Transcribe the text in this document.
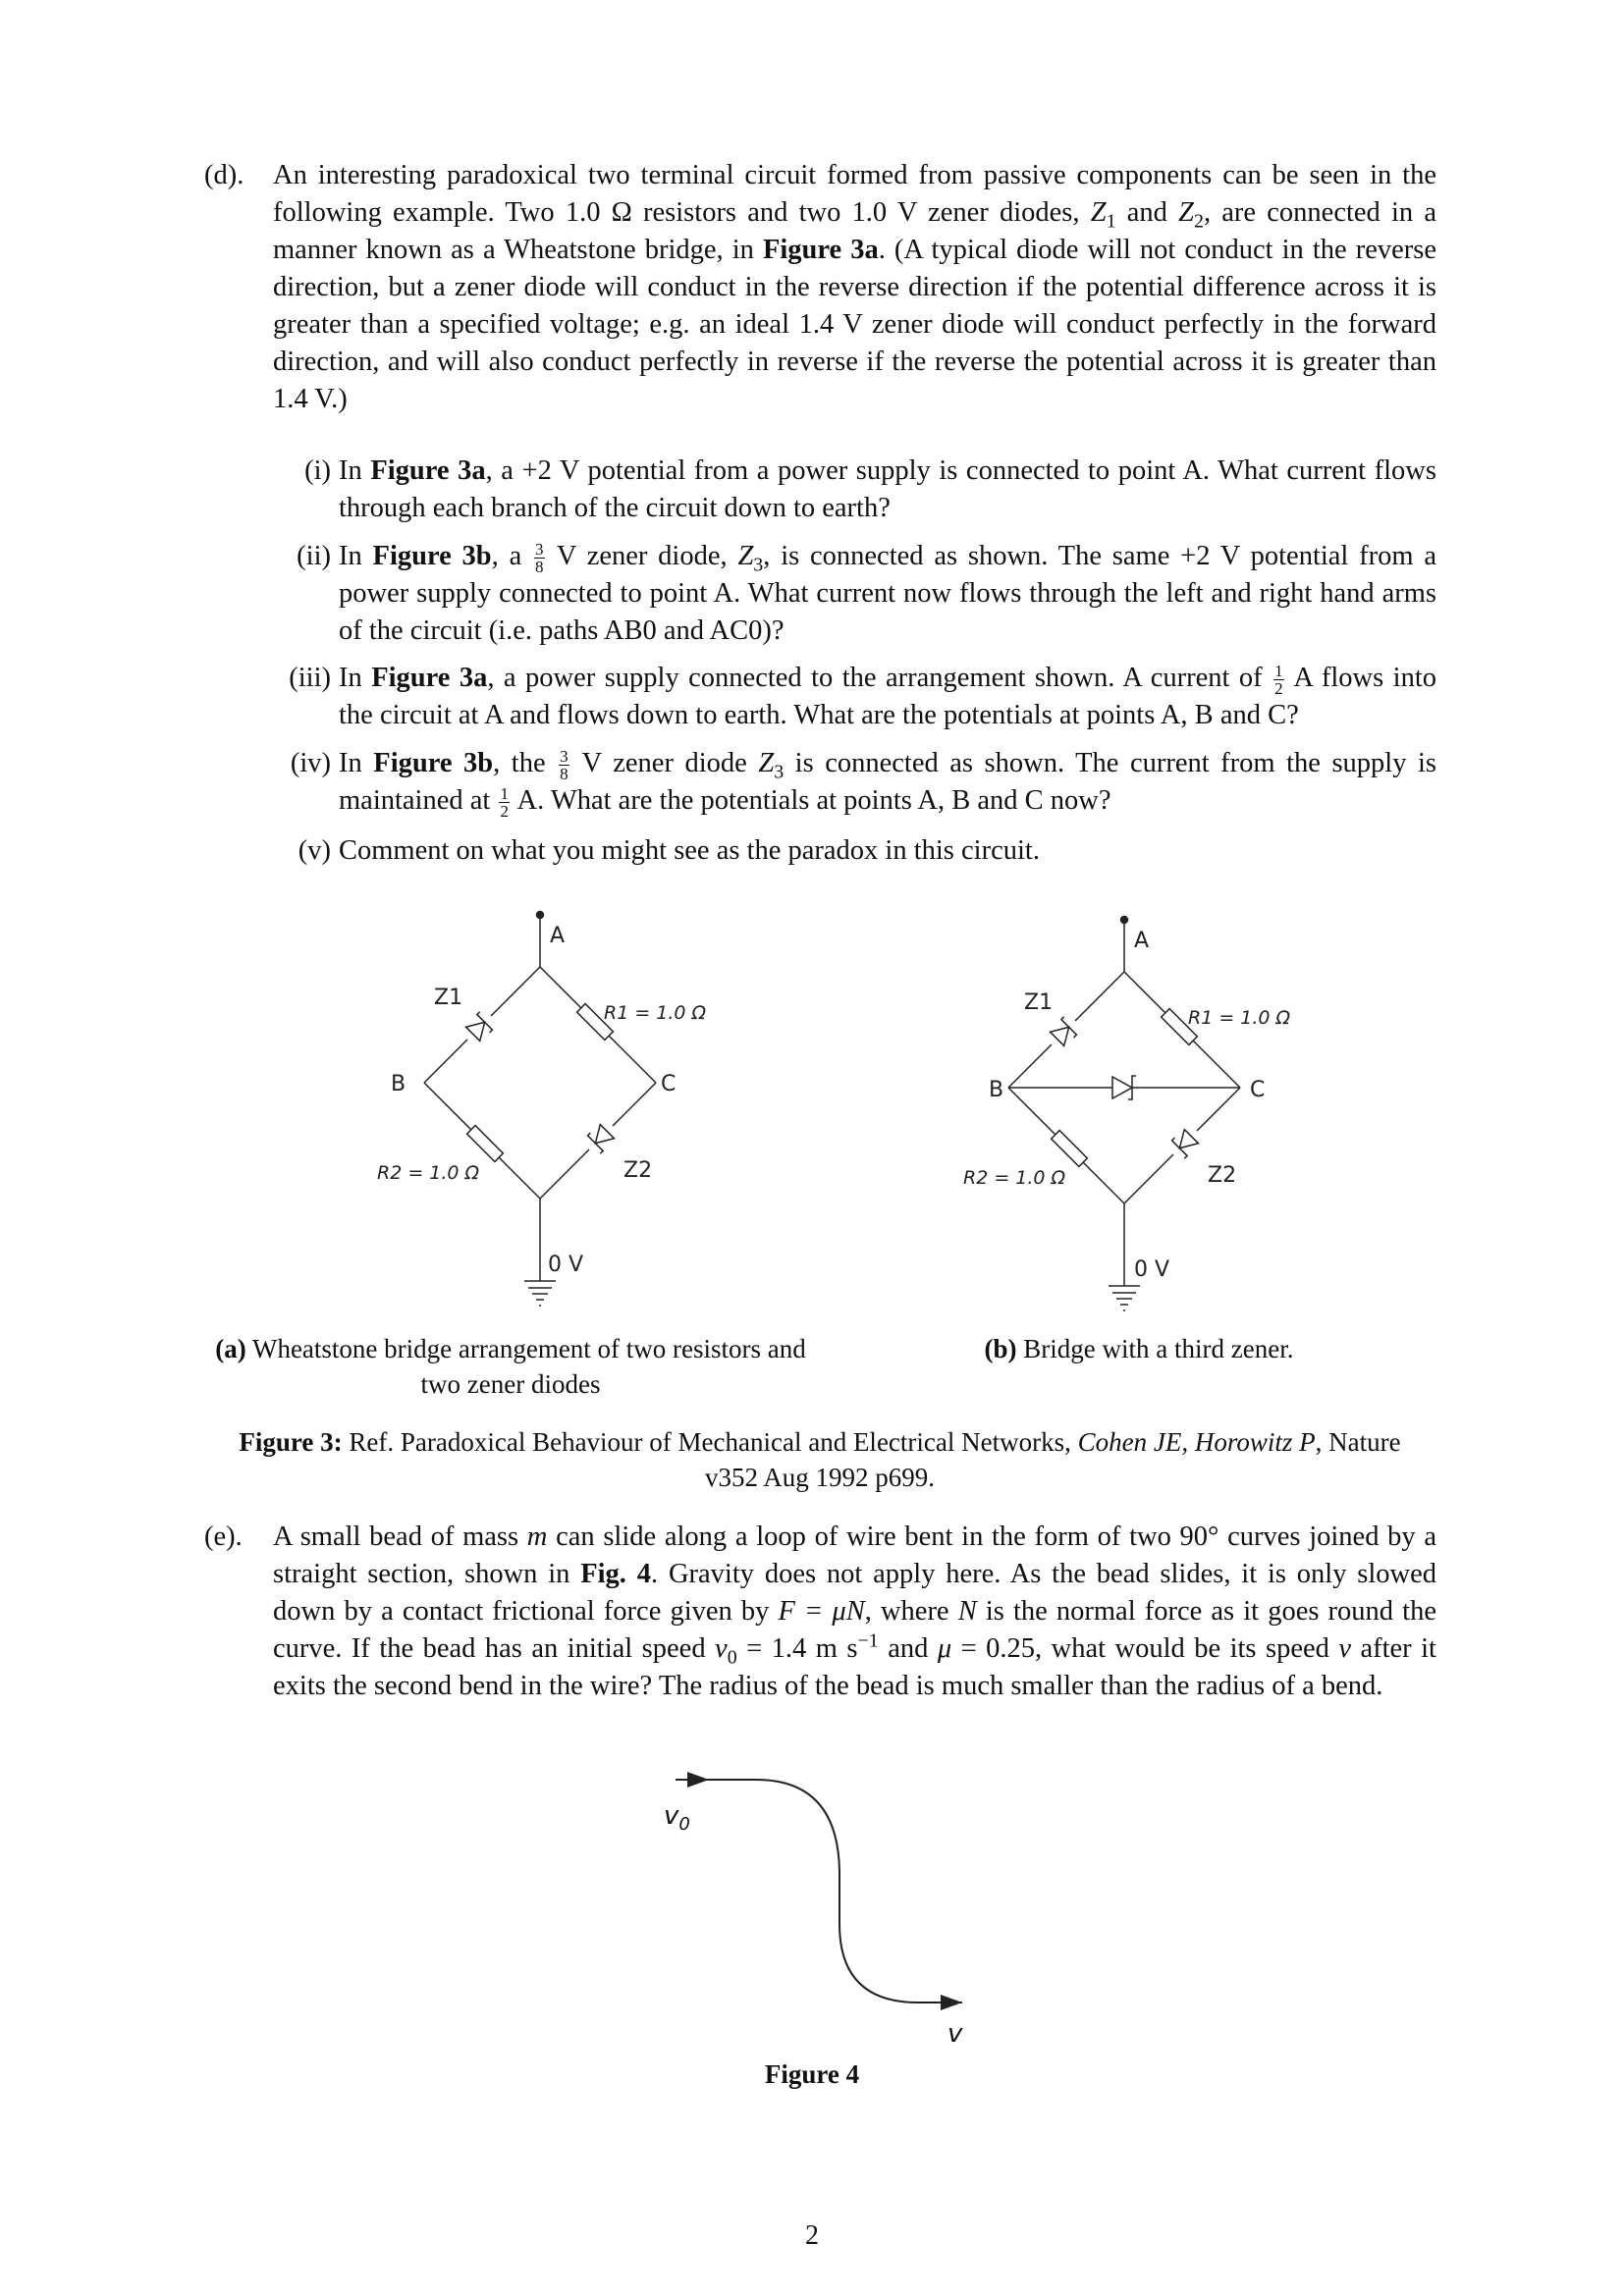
(d). An interesting paradoxical two terminal circuit formed from passive components can be seen in the following example. Two 1.0 Ω resistors and two 1.0 V zener diodes, $Z_1$ and $Z_2$, are connected in a manner known as a Wheatstone bridge, in Figure 3a. (A typical diode will not conduct in the reverse direction, but a zener diode will conduct in the reverse direction if the potential difference across it is greater than a specified voltage; e.g. an ideal 1.4 V zener diode will conduct perfectly in the forward direction, and will also conduct perfectly in reverse if the reverse the potential across it is greater than 1.4 V.)
(i) In Figure 3a, a +2 V potential from a power supply is connected to point A. What current flows through each branch of the circuit down to earth?
(ii) In Figure 3b, a $\frac{3}{8}$ V zener diode, $Z_3$, is connected as shown. The same +2 V potential from a power supply connected to point A. What current now flows through the left and right hand arms of the circuit (i.e. paths AB0 and AC0)?
(iii) In Figure 3a, a power supply connected to the arrangement shown. A current of $\frac{1}{2}$ A flows into the circuit at A and flows down to earth. What are the potentials at points A, B and C?
(iv) In Figure 3b, the $\frac{3}{8}$ V zener diode $Z_3$ is connected as shown. The current from the supply is maintained at $\frac{1}{2} A$. What are the potentials at points A, B and C now?
(v) Comment on what you might see as the paradox in this circuit.
A
B	C
Z1
Z2
0 V
R1 = 1.0 Ω
R2 = 1.0 Ω
A
B	C
Z1
Z2
0 V
R1 = 1.0 Ω
R2 = 1.0 Ω
(a) Wheatstone bridge arrangement of two resistors and two zener diodes
(b) Bridge with a third zener.
Figure 3: Ref. Paradoxical Behaviour of Mechanical and Electrical Networks, Cohen JE, Horowitz P, Nature v352 Aug 1992 p699.
(e). A small bead of mass m can slide along a loop of wire bent in the form of two 90° curves joined by a straight section, shown in Fig. 4. Gravity does not apply here. As the bead slides, it is only slowed down by a contact frictional force given by F = μN, where N is the normal force as it goes round the curve. If the bead has an initial speed $v_0 = 1.4$ m $s^{-1}$ and μ = 0.25, what would be its speed v after it exits the second bend in the wire? The radius of the bead is much smaller than the radius of a bend.
$v_0$
v
Figure 4
2
